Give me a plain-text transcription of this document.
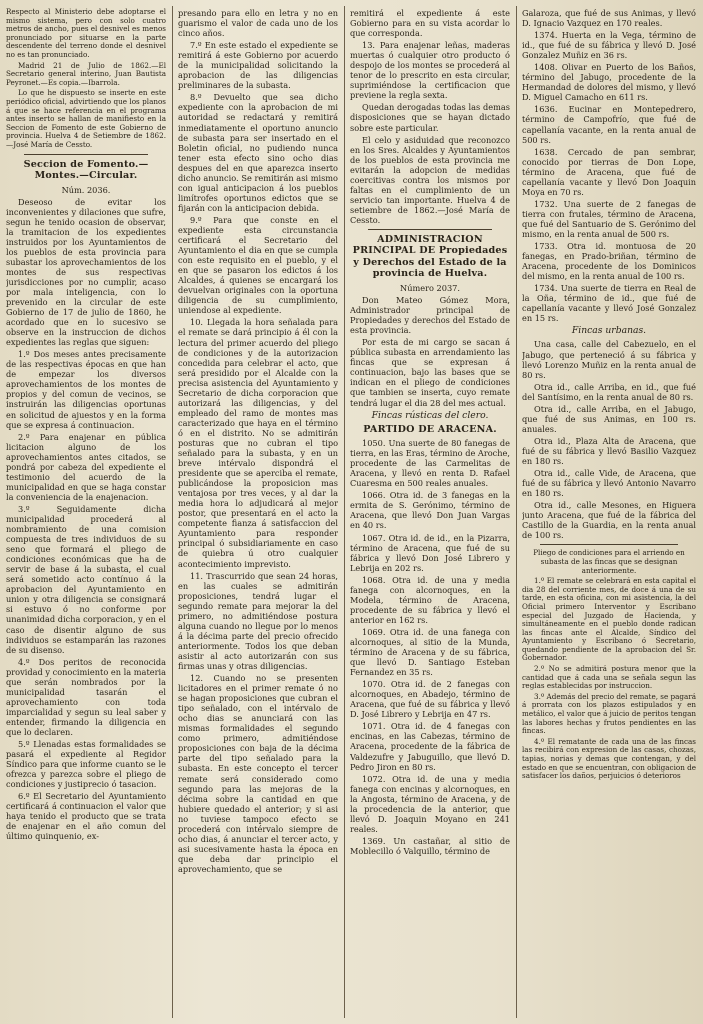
Respecto al Ministerio debe adoptarse el mismo sistema, pero con solo cuatro metros de ancho, pues el desnivel es menos pronunciado por situarse en la parte descendente del terreno donde el desnivel no es tan pronunciado.

Madrid 21 de Julio de 1862.—El Secretario general interino, Juan Bautista Peyronet.—Es copia.—Ibarrola.

Lo que he dispuesto se inserte en este periódico oficial, advirtiendo que los planos á que se hace referencia en el programa antes inserto se hallan de manifiesto en la Seccion de Fomento de este Gobierno de provincia. Huelva 4 de Setiembre de 1862.—José María de Cessto.

Seccion de Fomento.—Montes.—Circular.

Núm. 2036.

Deseoso de evitar los inconvenientes y dilaciones que sufre, segun he tenido ocasion de observar, la tramitacion de los expedientes instruidos por los Ayuntamientos de los pueblos de esta provincia para subastar los aprovechamientos de los montes de sus respectivas jurisdicciones por no cumplir, acaso por mala inteligencia, con lo prevenido en la circular de este Gobierno de 17 de julio de 1860, he acordado que en lo sucesivo se observe en la instruccion de dichos expedientes las reglas que siguen:

1.º Dos meses antes precisamente de las respectivas épocas en que han de empezar los diversos aprovechamientos de los montes de propios y del comun de vecinos, se instruirán las diligencias oportunas en solicitud de ajuestos y en la forma que se expresa á continuacion.

2.º Para enajenar en pública licitacion alguno de los aprovechamientos antes citados, se pondrá por cabeza del expediente el testimonio del acuerdo de la municipalidad en que se haga constar la conveniencia de la enajenacion.

3.º Seguidamente dicha municipalidad procederá al nombramiento de una comision compuesta de tres individuos de su seno que formará el pliego de condiciones económicas que ha de servir de base á la subasta, el cual será sometido acto contínuo á la aprobacion del Ayuntamiento en union y otra diligencia se consignará si estuvo ó no conforme por unanimidad dicha corporacion, y en el caso de disentir alguno de sus individuos se estamparán las razones de su disenso.

4.º Dos peritos de reconocida providad y conocimiento en la materia que serán nombrados por la municipalidad tasarán el aprovechamiento con toda imparcialidad y segun su leal saber y entender, firmando la diligencia en que lo declaren.

5.º Llenadas estas formalidades se pasará el expediente al Regidor Síndico para que informe cuanto se le ofrezca y parezca sobre el pliego de condiciones y justiprecio ó tasacion.

6.º El Secretario del Ayuntamiento certificará á continuacion el valor que haya tenido el producto que se trata de enajenar en el año comun del último quinquenio, ex-

presando para ello en letra y no en guarismo el valor de cada uno de los cinco años.

7.º En este estado el expediente se remitirá á este Gobierno por acuerdo de la municipalidad solicitando la aprobacion de las diligencias preliminares de la subasta.

8.º Devuelto que sea dicho expediente con la aprobacion de mi autoridad se redactará y remitirá inmediatamente el oportuno anuncio de subasta para ser insertado en el Boletin oficial, no pudiendo nunca tener esta efecto sino ocho dias despues del en que aparezca inserto dicho anuncio. Se remitirán asi mismo con igual anticipacion á los pueblos limítrofes oportunos edictos que se fijarán con la anticipacion debida.

9.º Para que conste en el expediente esta circunstancia certificará el Secretario del Ayuntamiento el dia en que se cumpla con este requisito en el pueblo, y el en que se pasaron los edictos á los Alcaldes, á quienes se encargará los devuelvan originales con la oportuna diligencia de su cumplimiento, uniendose al expediente.

10. Llegada la hora señalada para el remate se dará principio á él con la lectura del primer acuerdo del pliego de condiciones y de la autorizacion concedida para celebrar el acto, que será presidido por el Alcalde con la precisa asistencia del Ayuntamiento y Secretario de dicha corporacion que autorizará las diligencias, y del empleado del ramo de montes mas caracterizado que haya en el término ó en el distrito. No se admitirán posturas que no cubran el tipo señalado para la subasta, y en un breve intérvalo dispondrá el presidente que se aperciba el remate, publicándose la proposicion mas ventajosa por tres veces, y al dar la media hora lo adjudicará al mejor postor, que presentará en el acto la competente fianza á satisfaccion del Ayuntamiento para responder principal ó subsidiariamente en caso de quiebra ú otro cualquier acontecimiento imprevisto.

11. Trascurrido que sean 24 horas, en las cuales se admitirán proposiciones, tendrá lugar el segundo remate para mejorar la del primero, no admitiéndose postura alguna cuando no llegue por lo menos á la décima parte del precio ofrecido anteriormente. Todos los que deban asistir al acto autorizarán con sus firmas unas y otras diligencias.

12. Cuando no se presenten licitadores en el primer remate ó no se hagan proposiciones que cubran el tipo señalado, con el intérvalo de ocho dias se anunciará con las mismas formalidades el segundo como primero, admitiéndose proposiciones con baja de la décima parte del tipo señalado para la subasta. En este concepto el tercer remate será considerado como segundo para las mejoras de la décima sobre la cantidad en que hubiere quedado el anterior; y si asi no tuviese tampoco efecto se procederá con intérvalo siempre de ocho dias, á anunciar el tercer acto, y asi sucesivamente hasta la época en que deba dar principio el aprovechamiento, que se

remitirá el expediente á este Gobierno para en su vista acordar lo que corresponda.

13. Para enajenar leñas, maderas muertas ó cualquier otro producto ó despojo de los montes se procederá al tenor de lo prescrito en esta circular, suprimiéndose la certificacion que previene la regla sexta.

Quedan derogadas todas las demas disposiciones que se hayan dictado sobre este particular.

El celo y asiduidad que reconozco en los Sres. Alcaldes y Ayuntamientos de los pueblos de esta provincia me evitarán la adopcion de medidas coercitivas contra los mismos por faltas en el cumplimiento de un servicio tan importante. Huelva 4 de setiembre de 1862.—José María de Cessto.

ADMINISTRACION PRINCIPAL DE Propiedades y Derechos del Estado de la provincia de Huelva.

Número 2037.

Don Mateo Gómez Mora, Administrador principal de Propiedades y derechos del Estado de esta provincia.

Por esta de mi cargo se sacan á pública subasta en arrendamiento las fincas que se expresan á continuacion, bajo las bases que se indican en el pliego de condiciones que tambien se inserta, cuyo remate tendrá lugar el dia 28 del mes actual.

Fincas rústicas del clero.

PARTIDO DE ARACENA.

1050. Una suerte de 80 fanegas de tierra, en las Eras, término de Aroche, procedente de las Carmelitas de Aracena, y llevó en renta D. Rafael Cuaresma en 500 reales anuales.

1066. Otra id. de 3 fanegas en la ermita de S. Gerónimo, término de Aracena, que llevó Don Juan Vargas en 40 rs.

1067. Otra id. de id., en la Pizarra, término de Aracena, que fué de su fábrica y llevó Don José Librero y Lebrija en 202 rs.

1068. Otra id. de una y media fanega con alcornoques, en la Modela, término de Aracena, procedente de su fábrica y llevó el anterior en 162 rs.

1069. Otra id. de una fanega con alcornoques, al sitio de la Munda, término de Aracena y de su fábrica, que llevó D. Santiago Esteban Fernandez en 35 rs.

1070. Otra id. de 2 fanegas con alcornoques, en Abadejo, término de Aracena, que fué de su fábrica y llevó D. José Librero y Lebrija en 47 rs.

1071. Otra id. de 4 fanegas con encinas, en las Cabezas, término de Aracena, procedente de la fábrica de Valdezufre y Jabuguillo, que llevó D. Pedro Jiron en 80 rs.

1072. Otra id. de una y media fanega con encinas y alcornoques, en la Angosta, término de Aracena, y de la procedencia de la anterior, que llevó D. Joaquin Moyano en 241 reales.

1369. Un castañar, al sitio de Moblecillo ó Valquillo, término de

Galaroza, que fué de sus Animas, y llevó D. Ignacio Vazquez en 170 reales.

1374. Huerta en la Vega, término de id., que fué de su fábrica y llevó D. José Gonzalez Muñiz en 36 rs.

1408. Olivar en Puerto de los Baños, término del Jabugo, procedente de la Hermandad de dolores del mismo, y llevó D. Miguel Camacho en 611 rs.

1636. Eucinar en Montepedrero, término de Campofrío, que fué de capellanía vacante, en la renta anual de 500 rs.

1638. Cercado de pan sembrar, conocido por tierras de Don Lope, término de Aracena, que fué de capellanía vacante y llevó Don Joaquin Moya en 70 rs.

1732. Una suerte de 2 fanegas de tierra con frutales, término de Aracena, que fué del Santuario de S. Gerónimo del mismo, en la renta anual de 500 rs.

1733. Otra id. montuosa de 20 fanegas, en Prado-briñan, término de Aracena, procedente de los Dominicos del mismo, en la renta anual de 100 rs.

1734. Una suerte de tierra en Real de la Oña, término de id., que fué de capellanía vacante y llevó José Gonzalez en 15 rs.

Fincas urbanas.

Una casa, calle del Cabezuelo, en el Jabugo, que perteneció á su fábrica y llevó Lorenzo Muñiz en la renta anual de 80 rs.

Otra id., calle Arriba, en id., que fué del Santísimo, en la renta anual de 80 rs.

Otra id., calle Arriba, en el Jabugo, que fué de sus Animas, en 100 rs. anuales.

Otra id., Plaza Alta de Aracena, que fué de su fábrica y llevó Basilio Vazquez en 180 rs.

Otra id., calle Vide, de Aracena, que fué de su fábrica y llevó Antonio Navarro en 180 rs.

Otra id., calle Mesones, en Higuera junto Aracena, que fué de la fábrica del Castillo de la Guardia, en la renta anual de 100 rs.

Pliego de condiciones para el arriendo en subasta de las fincas que se designan anteriormente.

1.º El remate se celebrará en esta capital el dia 28 del corriente mes, de doce á una de su tarde, en esta oficina, con mi asistencia, la del Oficial primero Interventor y Escribano especial del Juzgado de Hacienda, y simultáneamente en el pueblo donde radican las fincas ante el Alcalde, Síndico del Ayuntamiento y Escribano ó Secretario, quedando pendiente de la aprobacion del Sr. Gobernador.

2.º No se admitirá postura menor que la cantidad que á cada una se señala segun las reglas establecidas por instruccion.

3.º Además del precio del remate, se pagará á prorrata con los plazos estipulados y en metálico, el valor que á juicio de peritos tengan las labores hechas y frutos pendientes en las fincas.

4.º El rematante de cada una de las fincas las recibirá con expresion de las casas, chozas, tapias, norias y demas que contengan, y del estado en que se encuentran, con obligacion de satisfacer los daños, perjuicios ó deterioros
